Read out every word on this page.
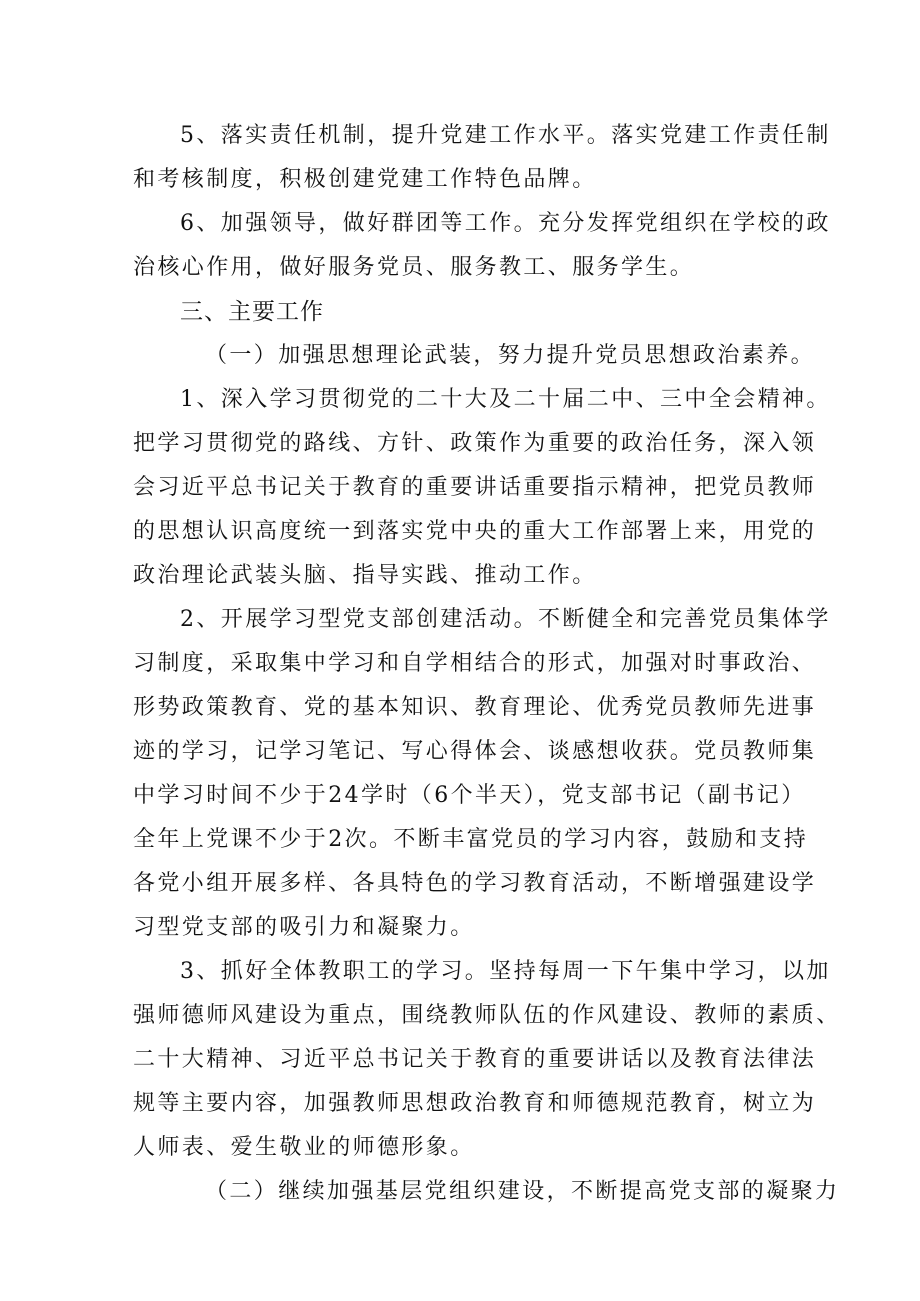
5、落实责任机制，提升党建工作水平。落实党建工作责任制
和考核制度，积极创建党建工作特色品牌。
6、加强领导，做好群团等工作。充分发挥党组织在学校的政
治核心作用，做好服务党员、服务教工、服务学生。
三、主要工作
（一）加强思想理论武装，努力提升党员思想政治素养。
1、深入学习贯彻党的二十大及二十届二中、三中全会精神。
把学习贯彻党的路线、方针、政策作为重要的政治任务，深入领
会习近平总书记关于教育的重要讲话重要指示精神，把党员教师
的思想认识高度统一到落实党中央的重大工作部署上来，用党的
政治理论武装头脑、指导实践、推动工作。
2、开展学习型党支部创建活动。不断健全和完善党员集体学
习制度，采取集中学习和自学相结合的形式，加强对时事政治、
形势政策教育、党的基本知识、教育理论、优秀党员教师先进事
迹的学习，记学习笔记、写心得体会、谈感想收获。党员教师集
中学习时间不少于24学时（6个半天），党支部书记（副书记）
全年上党课不少于2次。不断丰富党员的学习内容，鼓励和支持
各党小组开展多样、各具特色的学习教育活动，不断增强建设学
习型党支部的吸引力和凝聚力。
3、抓好全体教职工的学习。坚持每周一下午集中学习，以加
强师德师风建设为重点，围绕教师队伍的作风建设、教师的素质、
二十大精神、习近平总书记关于教育的重要讲话以及教育法律法
规等主要内容，加强教师思想政治教育和师德规范教育，树立为
人师表、爱生敬业的师德形象。
（二）继续加强基层党组织建设，不断提高党支部的凝聚力
